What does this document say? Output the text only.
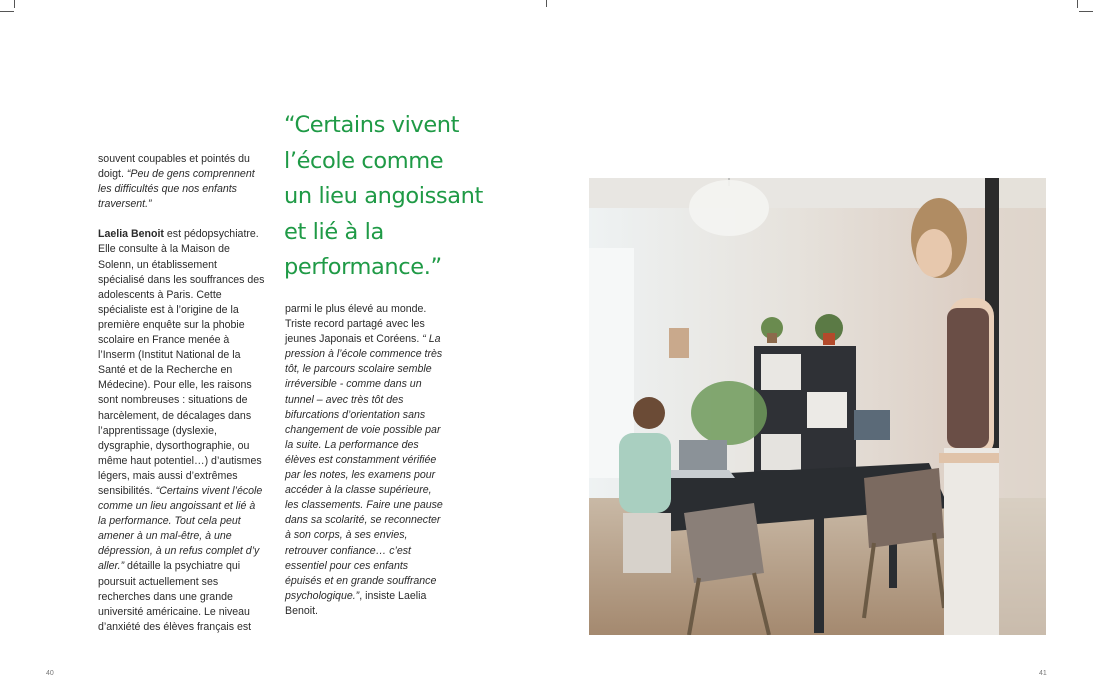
souvent coupables et pointés du doigt. “Peu de gens comprennent les difficultés que nos enfants traversent.”

Laelia Benoit est pédopsychiatre. Elle consulte à la Maison de Solenn, un établissement spécialisé dans les souffrances des adolescents à Paris. Cette spécialiste est à l’origine de la première enquête sur la phobie scolaire en France menée à l’Inserm (Institut National de la Santé et de la Recherche en Médecine). Pour elle, les raisons sont nombreuses : situations de harcèlement, de décalages dans l’apprentissage (dyslexie, dysgraphie, dysorthographie, ou même haut potentiel…) d’autismes légers, mais aussi d’extrêmes sensibilités. “Certains vivent l’école comme un lieu angoissant et lié à la performance. Tout cela peut amener à un mal-être, à une dépression, à un refus complet d’y aller.” détaille la psychiatre qui poursuit actuellement ses recherches dans une grande université américaine. Le niveau d’anxiété des élèves français est

“Certains vivent
l’école comme
un lieu angoissant
et lié à la
performance.”

parmi le plus élevé au monde. Triste record partagé avec les jeunes Japonais et Coréens. “ La pression à l’école commence très tôt, le parcours scolaire semble irréversible - comme dans un tunnel – avec très tôt des bifurcations d’orientation sans changement de voie possible par la suite. La performance des élèves est constamment vérifiée par les notes, les examens pour accéder à la classe supérieure, les classements. Faire une pause dans sa scolarité, se reconnecter à son corps, à ses envies, retrouver confiance… c’est essentiel pour ces enfants épuisés et en grande souffrance psychologique.”, insiste Laelia Benoit.

40	41
